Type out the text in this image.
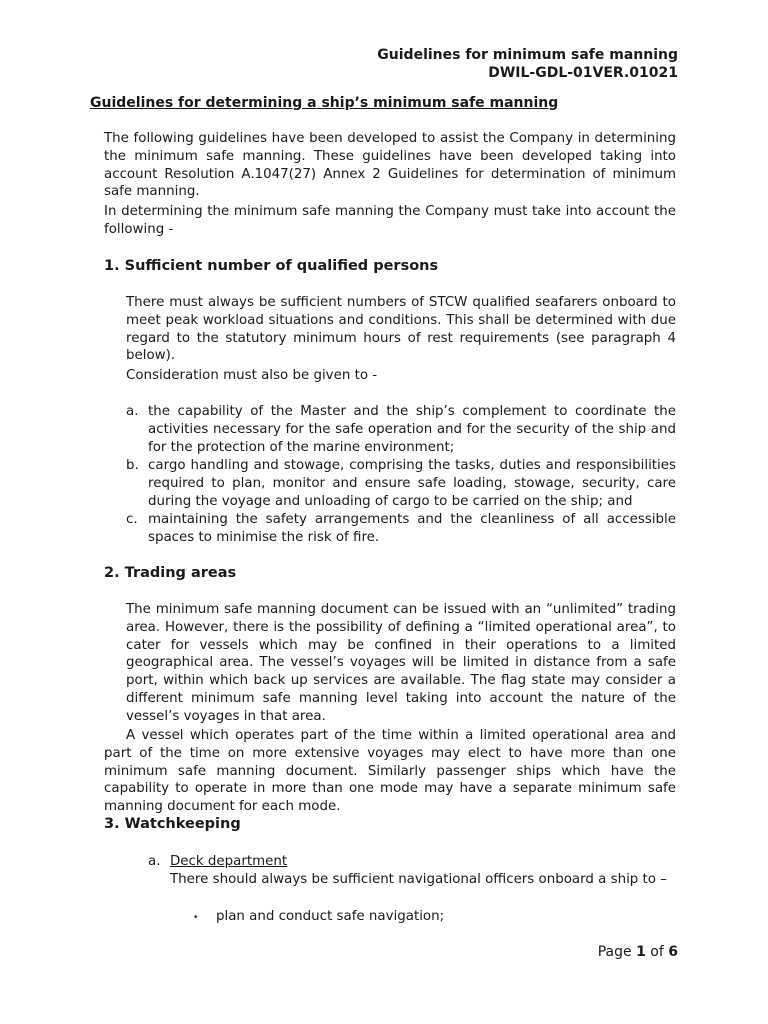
Guidelines for minimum safe manning
DWIL-GDL-01VER.01021
Guidelines for determining a ship’s minimum safe manning
The following guidelines have been developed to assist the Company in determining the minimum safe manning. These guidelines have been developed taking into account Resolution A.1047(27) Annex 2 Guidelines for determination of minimum safe manning.
In determining the minimum safe manning the Company must take into account the following -
1. Sufficient number of qualified persons
There must always be sufficient numbers of STCW qualified seafarers onboard to meet peak workload situations and conditions. This shall be determined with due regard to the statutory minimum hours of rest requirements (see paragraph 4 below).
Consideration must also be given to -
a. the capability of the Master and the ship’s complement to coordinate the activities necessary for the safe operation and for the security of the ship and for the protection of the marine environment;
b. cargo handling and stowage, comprising the tasks, duties and responsibilities required to plan, monitor and ensure safe loading, stowage, security, care during the voyage and unloading of cargo to be carried on the ship; and
c. maintaining the safety arrangements and the cleanliness of all accessible spaces to minimise the risk of fire.
2. Trading areas
The minimum safe manning document can be issued with an “unlimited” trading area. However, there is the possibility of defining a “limited operational area”, to cater for vessels which may be confined in their operations to a limited geographical area. The vessel’s voyages will be limited in distance from a safe port, within which back up services are available. The flag state may consider a different minimum safe manning level taking into account the nature of the vessel’s voyages in that area.
A vessel which operates part of the time within a limited operational area and part of the time on more extensive voyages may elect to have more than one minimum safe manning document. Similarly passenger ships which have the capability to operate in more than one mode may have a separate minimum safe manning document for each mode.
3. Watchkeeping
a. Deck department
There should always be sufficient navigational officers onboard a ship to –
• plan and conduct safe navigation;
Page 1 of 6
